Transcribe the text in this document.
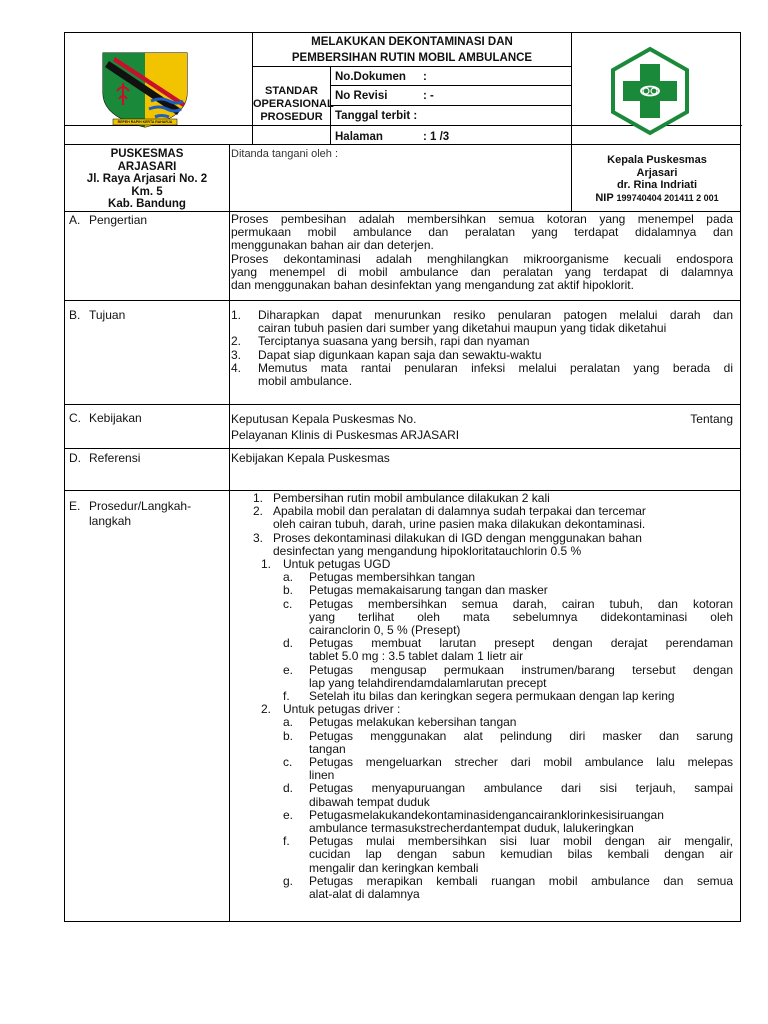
REPEH RAPIH KERTA RAHARJA
MELAKUKAN DEKONTAMINASI DAN
PEMBERSIHAN RUTIN MOBIL AMBULANCE
STANDAR
OPERASIONAL
PROSEDUR
No.Dokumen :
No Revisi	: -
Tanggal terbit :
Halaman	: 1 /3
PUSKESMAS
ARJASARI
Jl. Raya Arjasari No. 2
Km. 5
Kab. Bandung
Ditanda tangani oleh :	Kepala Puskesmas
Arjasari
dr. Rina Indriati
NIP 199740404 201411 2 001
A. Pengertian	Proses pembesihan adalah membersihkan semua kotoran yang menempel pada
permukaan mobil ambulance dan peralatan yang terdapat didalamnya dan
menggunakan bahan air dan deterjen.
Proses dekontaminasi adalah menghilangkan mikroorganisme kecuali endospora
yang menempel di mobil ambulance dan peralatan yang terdapat di dalamnya
dan menggunakan bahan desinfektan yang mengandung zat aktif hipoklorit.
B. Tujuan	1. Diharapkan dapat menurunkan resiko penularan patogen melalui darah dan
cairan tubuh pasien dari sumber yang diketahui maupun yang tidak diketahui
2. Terciptanya suasana yang bersih, rapi dan nyaman
3. Dapat siap digunkaan kapan saja dan sewaktu-waktu
4. Memutus mata rantai penularan infeksi melalui peralatan yang berada di
mobil ambulance.
C. Kebijakan	Keputusan Kepala Puskesmas No.	Tentang
Pelayanan Klinis di Puskesmas ARJASARI
D. Referensi	Kebijakan Kepala Puskesmas
E. Prosedur/Langkah-
langkah
1. Pembersihan rutin mobil ambulance dilakukan 2 kali
2. Apabila mobil dan peralatan di dalamnya sudah terpakai dan tercemar
oleh cairan tubuh, darah, urine pasien maka dilakukan dekontaminasi.
3. Proses dekontaminasi dilakukan di IGD dengan menggunakan bahan
desinfectan yang mengandung hipokloritatauchlorin 0.5 %
1. Untuk petugas UGD
a. Petugas membersihkan tangan
b. Petugas memakaisarung tangan dan masker
c. Petugas membersihkan semua darah, cairan tubuh, dan kotoran
yang terlihat oleh mata sebelumnya didekontaminasi oleh
cairanclorin 0, 5 % (Presept)
d. Petugas membuat larutan presept dengan derajat perendaman
tablet 5.0 mg : 3.5 tablet dalam 1 lietr air
e. Petugas mengusap permukaan instrumen/barang tersebut dengan
lap yang telahdirendamdalamlarutan precept
f. Setelah itu bilas dan keringkan segera permukaan dengan lap kering
2. Untuk petugas driver :
a. Petugas melakukan kebersihan tangan
b. Petugas menggunakan alat pelindung diri masker dan sarung
tangan
c. Petugas mengeluarkan strecher dari mobil ambulance lalu melepas
linen
d. Petugas menyapuruangan ambulance dari sisi terjauh, sampai
dibawah tempat duduk
e. Petugasmelakukandekontaminasidengancairanklorinkesisiruangan
ambulance termasukstrecherdantempat duduk, lalukeringkan
f. Petugas mulai membersihkan sisi luar mobil dengan air mengalir,
cucidan lap dengan sabun kemudian bilas kembali dengan air
mengalir dan keringkan kembali
g. Petugas merapikan kembali ruangan mobil ambulance dan semua
alat-alat di dalamnya
